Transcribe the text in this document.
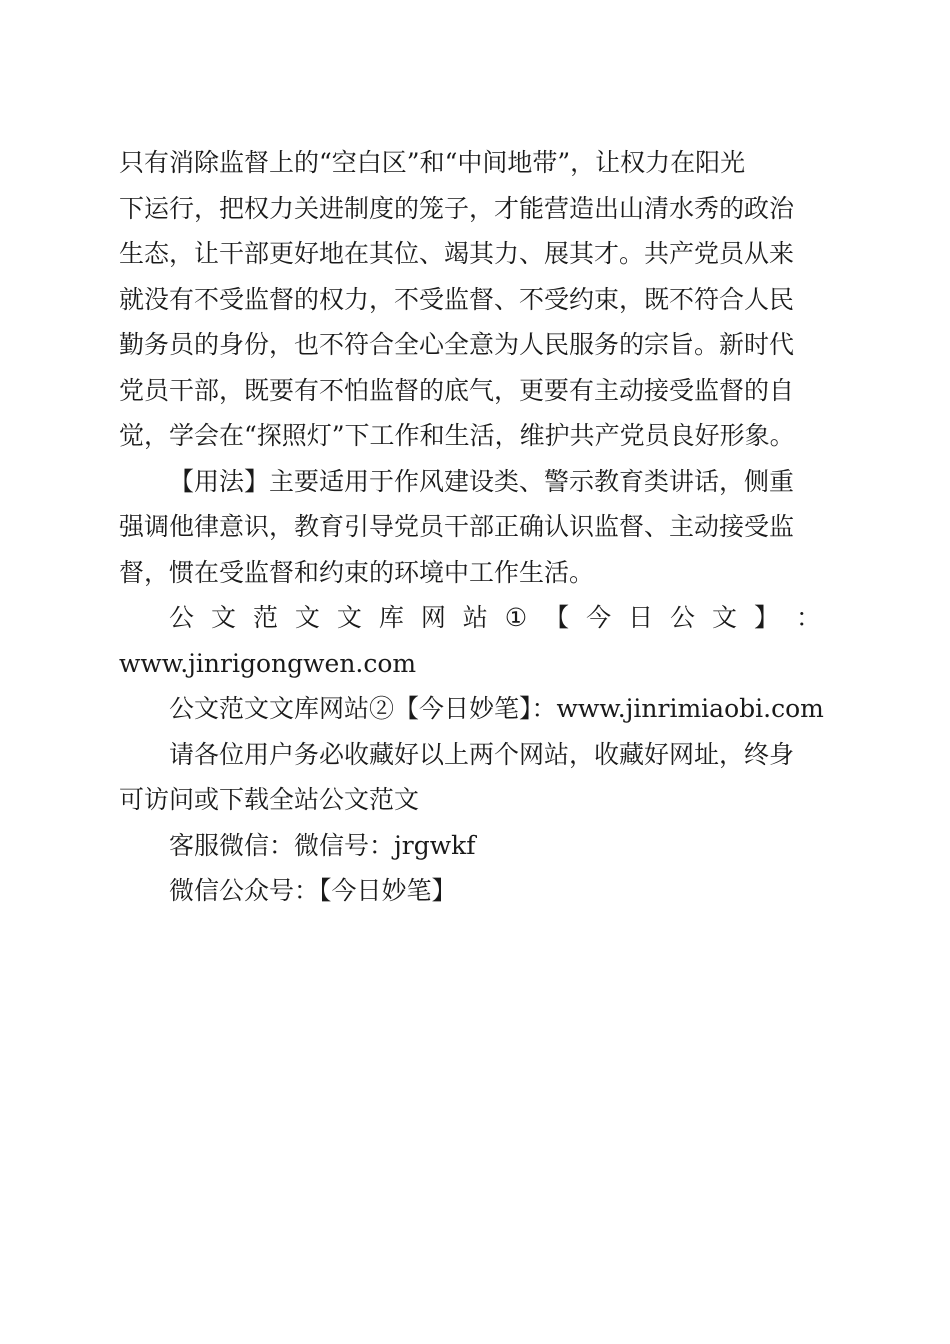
只有消除监督上的“空白区”和“中间地带”，让权力在阳光
下运行，把权力关进制度的笼子，才能营造出山清水秀的政治
生态，让干部更好地在其位、竭其力、展其才。共产党员从来
就没有不受监督的权力，不受监督、不受约束，既不符合人民
勤务员的身份，也不符合全心全意为人民服务的宗旨。新时代
党员干部，既要有不怕监督的底气，更要有主动接受监督的自
觉，学会在“探照灯”下工作和生活，维护共产党员良好形象。
【用法】主要适用于作风建设类、警示教育类讲话，侧重
强调他律意识，教育引导党员干部正确认识监督、主动接受监
督，惯在受监督和约束的环境中工作生活。
公 文 范 文 文 库 网 站 ① 【 今 日 公 文 】 ：
www.jinrigongwen.com
公文范文文库网站②【今日妙笔】：www.jinrimiaobi.com
请各位用户务必收藏好以上两个网站，收藏好网址，终身
可访问或下载全站公文范文
客服微信：微信号：jrgwkf
微信公众号：【今日妙笔】
